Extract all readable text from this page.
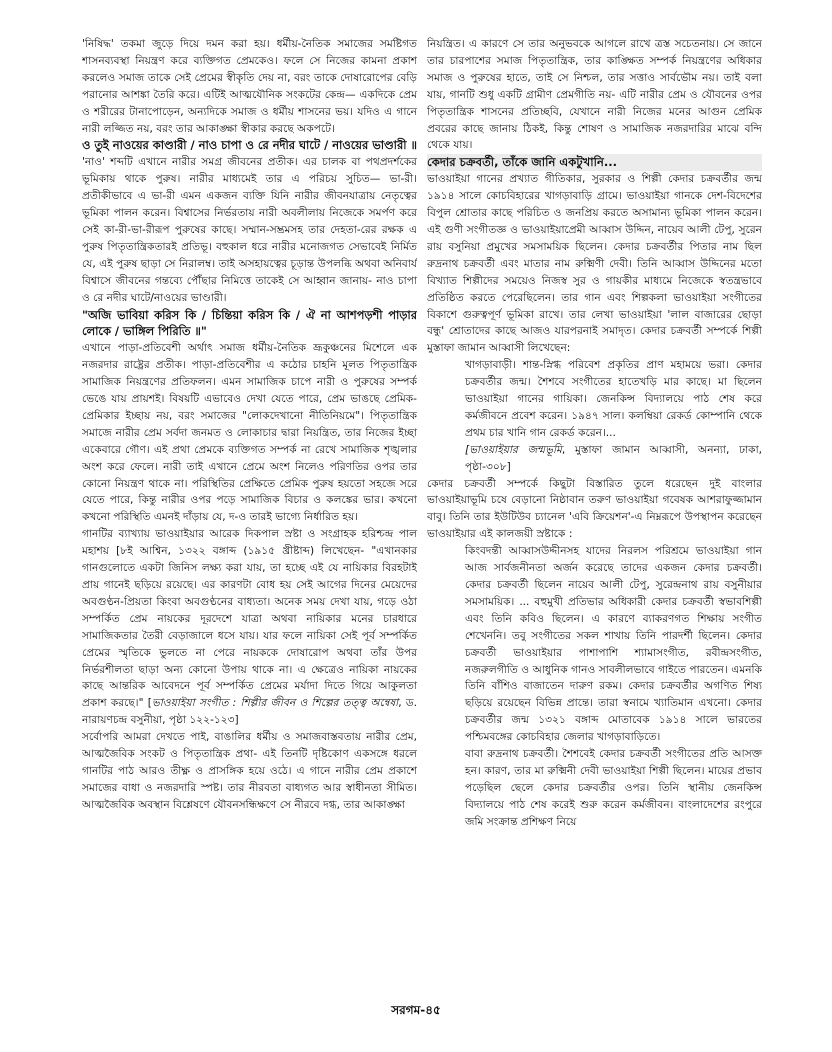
'নিষিদ্ধ' তকমা জুড়ে দিয়ে দমন করা হয়। ধর্মীয়-নৈতিক সমাজের সমষ্টিগত শাসনব্যবস্থা নিয়ন্ত্রণ করে ব্যক্তিগত প্রেমকেও। ফলে সে নিজের কামনা প্রকাশ করলেও সমাজ তাকে সেই প্রেমের স্বীকৃতি দেয় না, বরং তাকে দোষারোপের বেড়ি পরানোর আশঙ্কা তৈরি করে। এটিই আত্মযৌনিক সংকটের কেন্দ্র— একদিকে প্রেম ও শরীরের টানাপোড়েন, অন্যদিকে সমাজ ও ধর্মীয় শাসনের ভয়। যদিও এ গানে নারী লজ্জিত নয়, বরং তার আকাঙ্ক্ষা স্বীকার করছে অকপটে।

ও তুই নাওয়ের কাণ্ডারী / নাও চাপা ও রে নদীর ঘাটে / নাওয়ের ভাণ্ডারী ॥

'নাও' শব্দটি এখানে নারীর সমগ্র জীবনের প্রতীক। এর চালক বা পথপ্রদর্শকের ভূমিকায় থাকে পুরুষ। নারীর মাধ্যমেই তার এ পরিচয় সুচিত— ভা-রী। প্রতীকীভাবে এ ভা-রী এমন একজন ব্যক্তি যিনি নারীর জীবনযাত্রায় নেতৃত্বের ভূমিকা পালন করেন। বিশ্বাসের নির্ভরতায় নারী অবলীলায় নিজেকে সমর্পণ করে সেই কা-রী-ভা-রীরূপ পুরুষের কাছে। সম্মান-সম্ভ্রমসহ তার দেহতা-রের রক্ষক এ পুরুষ পিতৃতান্ত্রিকতারই প্রতিভূ। বহুকাল ধরে নারীর মনোজগত সেভাবেই নির্মিত যে, এই পুরুষ ছাড়া সে নিরালম্ব। তাই অসহায়ত্বের চূড়ান্ত উপলব্ধি অথবা অনিবার্য বিশ্বাসে জীবনের গন্তব্যে পৌঁছার নিমিত্তে তাকেই সে আহ্বান জানায়- নাও চাপা ও রে নদীর ঘাটে/নাওয়ের ভাণ্ডারী।

"অজি ভাবিয়া করিস কি / চিন্তিয়া করিস কি / ঐ না আশপড়শী পাড়ার লোকে / ভাঙ্গিল পিরিতি ॥"

এখানে পাড়া-প্রতিবেশী অর্থাৎ সমাজ ধর্মীয়-নৈতিক ভ্রূকুঞ্চনের মিশেলে এক নজরদার রাষ্ট্রের প্রতীক। পাড়া-প্রতিবেশীর এ কঠোর চাহনি মূলত পিতৃতান্ত্রিক সামাজিক নিয়ন্ত্রণের প্রতিফলন। এমন সামাজিক চাপে নারী ও পুরুষের সম্পর্ক ভেঙে যায় প্রায়শই। বিষয়টি এভাবেও দেখা যেতে পারে, প্রেম ভাঙছে প্রেমিক-প্রেমিকার ইচ্ছায় নয়, বরং সমাজের "লোকদেখানো নীতিনিয়মে"। পিতৃতান্ত্রিক সমাজে নারীর প্রেম সর্বদা জনমত ও লোকাচার দ্বারা নিয়ন্ত্রিত, তার নিজের ইচ্ছা একেবারে গৌণ। এই প্রথা প্রেমকে ব্যক্তিগত সম্পর্ক না রেখে সামাজিক শৃঙ্খলার অংশ করে ফেলে। নারী তাই এখানে প্রেমে অংশ নিলেও পরিণতির ওপর তার কোনো নিয়ন্ত্রণ থাকে না। পরিস্থিতির প্রেক্ষিতে প্রেমিক পুরুষ হয়তো সহজে সরে যেতে পারে, কিন্তু নারীর ওপর পড়ে সামাজিক বিচার ও কলঙ্কের ভার। কখনো কখনো পরিস্থিতি এমনই দাঁড়ায় যে, দ-ও তারই ভাগ্যে নির্ধারিত হয়।

গানটির ব্যাখ্যায় ভাওয়াইয়ার আরেক দিকপাল স্রষ্টা ও সংগ্রাহক হরিশ্চন্দ্র পাল মহাশয় [৮ই আশ্বিন, ১৩২২ বঙ্গাব্দ (১৯১৫ খ্রীষ্টাব্দ) লিখেছেন- "এখানকার গানগুলোতে একটা জিনিস লক্ষ্য করা যায়, তা হচ্ছে এই যে নায়িকার বিরহটাই প্রায় গানেই ছড়িয়ে রয়েছে। এর কারণটা বোধ হয় সেই আগের দিনের মেয়েদের অবগুণ্ঠন-প্রিয়তা কিংবা অবগুণ্ঠনের বাধ্যতা। অনেক সময় দেখা যায়, গড়ে ওঠা সম্পর্কিত প্রেম নায়কের দূরদেশে যাত্রা অথবা নায়িকার মনের চারধারে সামাজিকতার তৈরী বেড়াজালে ধসে যায়। যার ফলে নায়িকা সেই পূর্ব সম্পর্কিত প্রেমের স্মৃতিকে ভুলতে না পেরে নায়ককে দোষারোপ অথবা তাঁর উপর নির্ভরশীলতা ছাড়া অন্য কোনো উপায় থাকে না। এ ক্ষেত্রেও নায়িকা নায়কের কাছে আন্তরিক আবেদনে পূর্ব সম্পর্কিত প্রেমের মর্যাদা দিতে গিয়ে আকুলতা প্রকাশ করছে।" [ভাওয়াইয়া সংগীত : শিল্পীর জীবন ও শিল্পের তত্ত্ব অন্বেষা, ড. নারায়ণচন্দ্র বসুনীয়া, পৃষ্ঠা ১২২-১২৩]

সর্বোপরি আমরা দেখতে পাই, বাঙালির ধর্মীয় ও সমাজবাস্তবতায় নারীর প্রেম, আত্মজৈবিক সংকট ও পিতৃতান্ত্রিক প্রথা- এই তিনটি দৃষ্টিকোণ একসঙ্গে ধরলে গানটির পাঠ আরও তীক্ষ্ণ ও প্রাসঙ্গিক হয়ে ওঠে। এ গানে নারীর প্রেম প্রকাশে সমাজের বাধা ও নজরদারি স্পষ্ট। তার নীরবতা বাধ্যগত আর স্বাধীনতা সীমিত। আত্মজৈবিক অবস্থান বিশ্লেষণে যৌবনসন্ধিক্ষণে সে নীরবে দগ্ধ, তার আকাঙ্ক্ষা

নিয়ন্ত্রিত। এ কারণে সে তার অনুভবকে আগলে রাখে ত্রস্ত সচেতনায়। সে জানে তার চারপাশের সমাজ পিতৃতান্ত্রিক, তার কাঙ্ক্ষিত সম্পর্ক নিয়ন্ত্রণের অধিকার সমাজ ও পুরুষের হাতে, তাই সে নিশ্চল, তার সত্তাও সার্বভৌম নয়। তাই বলা যায়, গানটি শুধু একটি গ্রামীণ প্রেমগীতি নয়- এটি নারীর প্রেম ও যৌবনের ওপর পিতৃতান্ত্রিক শাসনের প্রতিচ্ছবি, যেখানে নারী নিজের মনের আগুন প্রেমিক প্রবরের কাছে জানায় ঠিকই, কিন্তু শোষণ ও সামাজিক নজরদারির মাঝে বন্দি থেকে যায়।

কেদার চক্রবর্তী, তাঁকে জানি একটুখানি...

ভাওয়াইয়া গানের প্রখ্যাত গীতিকার, সুরকার ও শিল্পী কেদার চক্রবর্তীর জন্ম ১৯১৪ সালে কোচবিহারের খাগড়াবাড়ি গ্রামে। ভাওয়াইয়া গানকে দেশ-বিদেশের বিপুল শ্রোতার কাছে পরিচিত ও জনপ্রিয় করতে অসামান্য ভূমিকা পালন করেন। এই গুণী সংগীতজ্ঞ ও ভাওয়াইয়াপ্রেমী আব্বাস উদ্দিন, নায়েব আলী টেপু, সুরেন রায় বসুনিয়া প্রমুখের সমসাময়িক ছিলেন। কেদার চক্রবর্তীর পিতার নাম ছিল রুদ্রনাথ চক্রবর্তী এবং মাতার নাম রুক্মিণী দেবী। তিনি আব্বাস উদ্দিনের মতো বিখ্যাত শিল্পীদের সময়েও নিজস্ব সুর ও গায়কীর মাধ্যমে নিজেকে স্বতন্ত্রভাবে প্রতিষ্ঠিত করতে পেরেছিলেন। তার গান এবং শিল্পকলা ভাওয়াইয়া সংগীতের বিকাশে গুরুত্বপূর্ণ ভূমিকা রাখে। তার লেখা ভাওয়াইয়া 'লাল বাজারের ছোড়া বন্ধু' শ্রোতাদের কাছে আজও যারপরনাই সমাদৃত। কেদার চক্রবর্তী সম্পর্কে শিল্পী মুস্তাফা জামান আব্বাসী লিখেছেন:

খাগড়াবাড়ী। শান্ত-স্নিগ্ধ পরিবেশ প্রকৃতির প্রাণ মহাময়ে ভরা। কেদার চক্রবর্তীর জন্ম। শৈশবে সংগীতের হাতেখড়ি মার কাছে। মা ছিলেন ভাওয়াইয়া গানের গায়িকা। জেনকিন্স বিদ্যালয়ে পাঠ শেষ করে কর্মজীবনে প্রবেশ করেন। ১৯৪৭ সাল। কলম্বিয়া রেকর্ড কোম্পানি থেকে প্রথম চার খানি গান রেকর্ড করেন।...

[ভাওয়াইয়ার জন্মভূমি, মুস্তাফা জামান আব্বাসী, অনন্যা, ঢাকা, পৃষ্ঠা-৩০৮]

কেদার চক্রবর্তী সম্পর্কে কিছুটা বিস্তারিত তুলে ধরেছেন দুই বাংলার ভাওয়াইয়াভূমি চষে বেড়ানো নিষ্ঠাবান তরুণ ভাওয়াইয়া গবেষক আশরাফুজ্জামান বাবু। তিনি তার ইউটিউব চ্যানেল 'এবি ক্রিয়েশন'-এ নিম্নরূপে উপস্থাপন করেছেন ভাওয়াইয়ার এই কালজয়ী স্রষ্টাকে :

কিংবদন্তী আব্বাসউদ্দীনসহ যাদের নিরলস পরিশ্রমে ভাওয়াইয়া গান আজ সার্বজনীনতা অর্জন করেছে তাদের একজন কেদার চক্রবর্তী। কেদার চক্রবর্তী ছিলেন নায়েব আলী টেপু, সুরেন্দ্রনাথ রায় বসুনীয়ার সমসাময়িক। ... বহুমুখী প্রতিভার অধিকারী কেদার চক্রবর্তী স্বভাবশিল্পী এবং তিনি কবিও ছিলেন। এ কারণে ব্যাকরণগত শিক্ষায় সংগীত শেখেননি। তবু সংগীতের সকল শাখায় তিনি পারদর্শী ছিলেন। কেদার চক্রবর্তী ভাওয়াইয়ার পাশাপাশি শ্যামাসংগীত, রবীন্দ্রসংগীত, নজরুলগীতি ও আধুনিক গানও সাবলীলভাবে গাইতে পারতেন। এমনকি তিনি বাঁশিও বাজাতেন দারুণ রকম। কেদার চক্রবর্তীর অগণিত শিষ্য ছড়িয়ে রয়েছেন বিভিন্ন প্রান্তে। তারা স্বনামে খ্যাতিমান এখনো। কেদার চক্রবর্তীর জন্ম ১৩২১ বঙ্গাব্দ মোতাবেক ১৯১৪ সালে ভারতের পশ্চিমবঙ্গের কোচবিহার জেলার খাগড়াবাড়িতে।

বাবা রুদ্রনাথ চক্রবর্তী। শৈশবেই কেদার চক্রবর্তী সংগীতের প্রতি আসক্ত হন। কারণ, তার মা রুক্মিনী দেবী ভাওয়াইয়া শিল্পী ছিলেন। মায়ের প্রভাব পড়েছিল ছেলে কেদার চক্রবর্তীর ওপর। তিনি স্থানীয় জেনকিন্স বিদ্যালয়ে পাঠ শেষ করেই শুরু করেন কর্মজীবন। বাংলাদেশের রংপুরে জমি সংক্রান্ত প্রশিক্ষণ নিয়ে

সরগম-৪৫
